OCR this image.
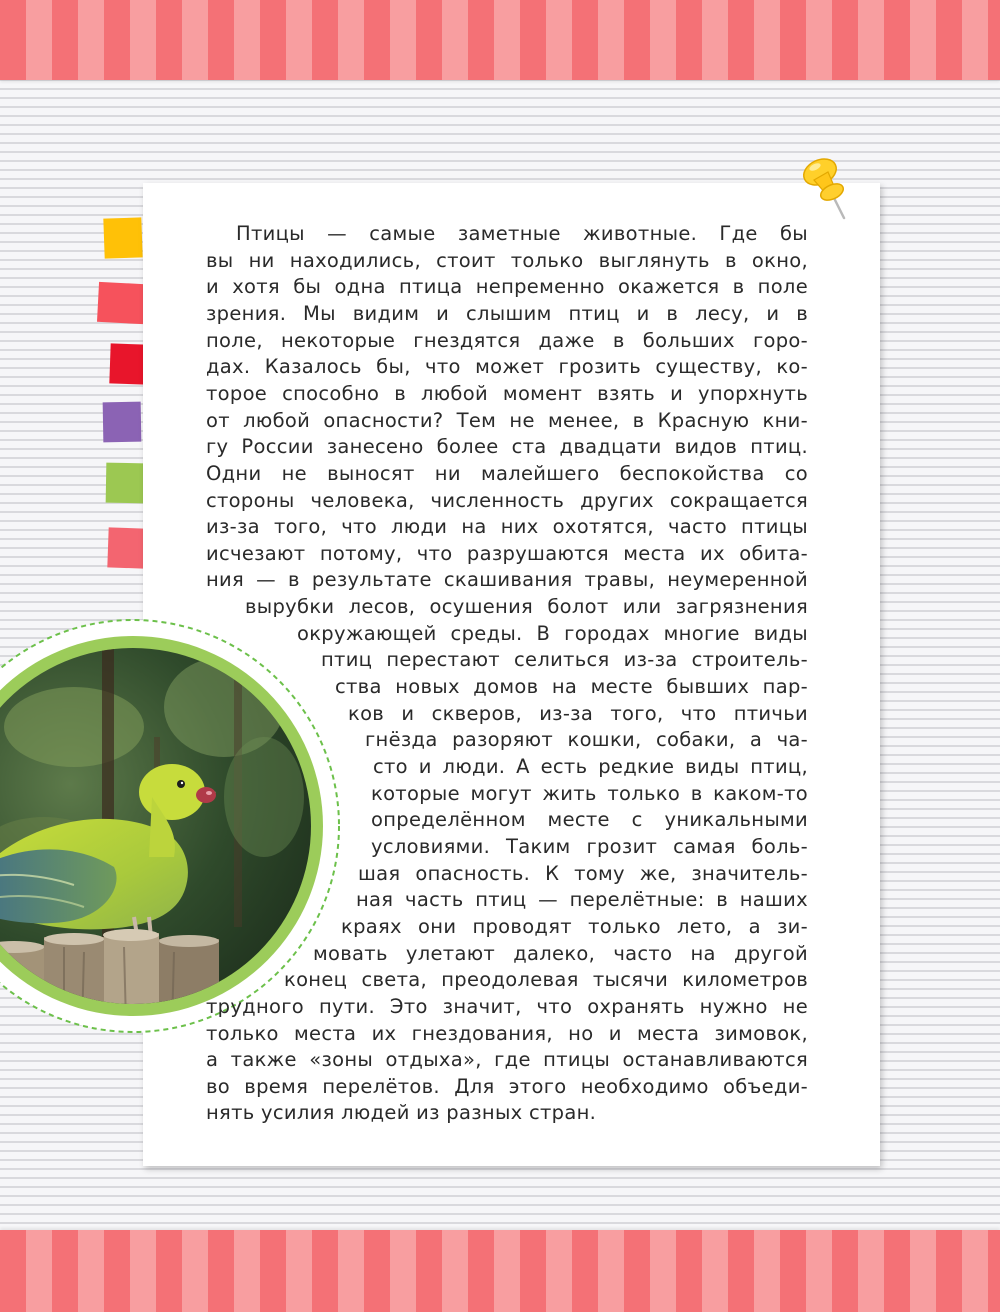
Птицы — самые заметные животные. Где бы
вы ни находились, стоит только выглянуть в окно,
и хотя бы одна птица непременно окажется в поле
зрения. Мы видим и слышим птиц и в лесу, и в
поле, некоторые гнездятся даже в больших горо-
дах. Казалось бы, что может грозить существу, ко-
торое способно в любой момент взять и упорхнуть
от любой опасности? Тем не менее, в Красную кни-
гу России занесено более ста двадцати видов птиц.
Одни не выносят ни малейшего беспокойства со
стороны человека, численность других сокращается
из-за того, что люди на них охотятся, часто птицы
исчезают потому, что разрушаются места их обита-
ния — в результате скашивания травы, неумеренной
вырубки лесов, осушения болот или загрязнения
окружающей среды. В городах многие виды
птиц перестают селиться из-за строитель-
ства новых домов на месте бывших пар-
ков и скверов, из-за того, что птичьи
гнёзда разоряют кошки, собаки, а ча-
сто и люди. А есть редкие виды птиц,
которые могут жить только в каком-то
определённом месте с уникальными
условиями. Таким грозит самая боль-
шая опасность. К тому же, значитель-
ная часть птиц — перелётные: в наших
краях они проводят только лето, а зи-
мовать улетают далеко, часто на другой
конец света, преодолевая тысячи километров
трудного пути. Это значит, что охранять нужно не
только места их гнездования, но и места зимовок,
а также «зоны отдыха», где птицы останавливаются
во время перелётов. Для этого необходимо объеди-
нять усилия людей из разных стран.
